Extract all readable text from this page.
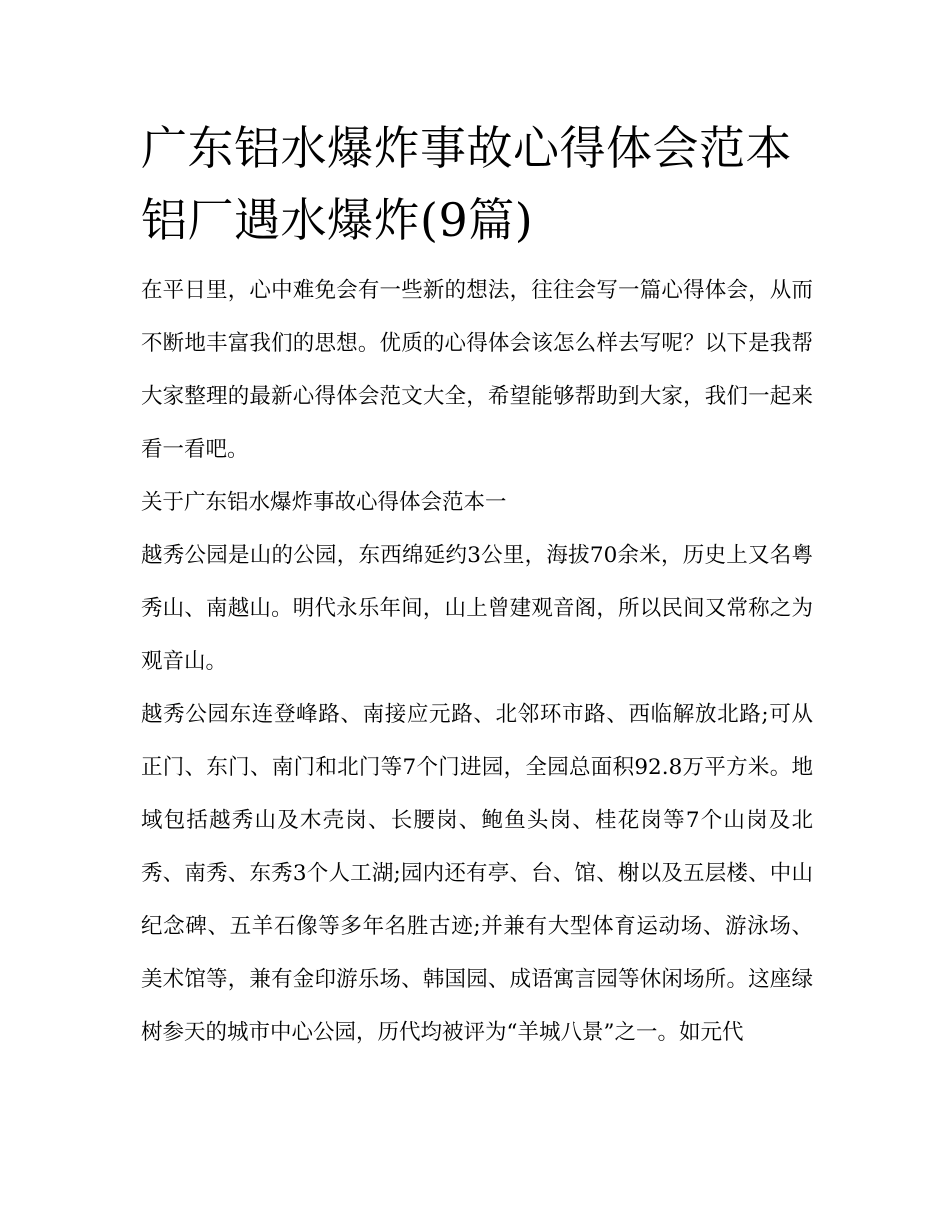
广东铝水爆炸事故心得体会范本 铝厂遇水爆炸(9篇)

在平日里，心中难免会有一些新的想法，往往会写一篇心得体会，从而不断地丰富我们的思想。优质的心得体会该怎么样去写呢？以下是我帮大家整理的最新心得体会范文大全，希望能够帮助到大家，我们一起来看一看吧。

关于广东铝水爆炸事故心得体会范本一

越秀公园是山的公园，东西绵延约3公里，海拔70余米，历史上又名粤秀山、南越山。明代永乐年间，山上曾建观音阁，所以民间又常称之为观音山。

越秀公园东连登峰路、南接应元路、北邻环市路、西临解放北路;可从正门、东门、南门和北门等7个门进园，全园总面积92.8万平方米。地域包括越秀山及木壳岗、长腰岗、鲍鱼头岗、桂花岗等7个山岗及北秀、南秀、东秀3个人工湖;园内还有亭、台、馆、榭以及五层楼、中山纪念碑、五羊石像等多年名胜古迹;并兼有大型体育运动场、游泳场、美术馆等，兼有金印游乐场、韩国园、成语寓言园等休闲场所。这座绿树参天的城市中心公园，历代均被评为“羊城八景”之一。如元代
